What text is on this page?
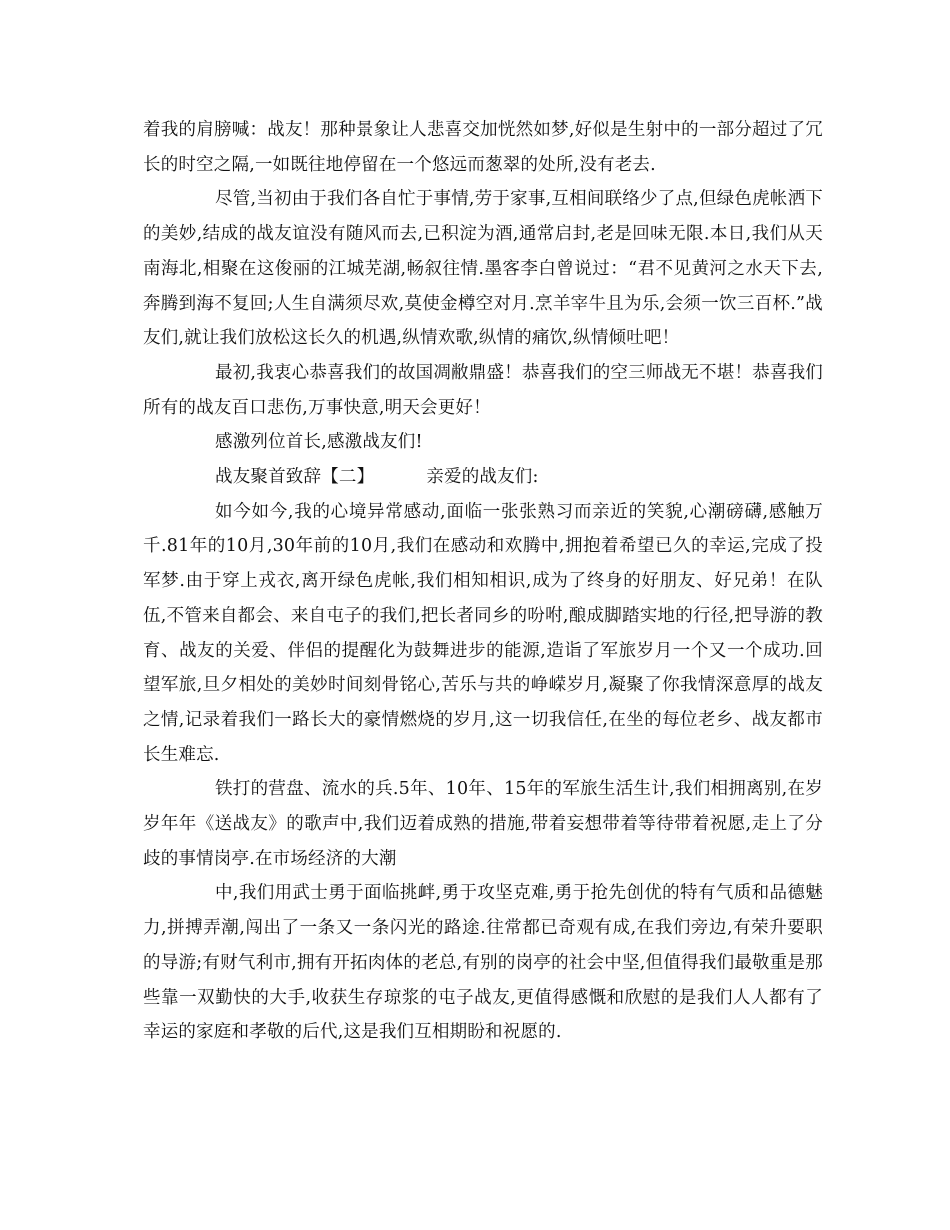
着我的肩膀喊：战友！那种景象让人悲喜交加恍然如梦,好似是生射中的一部分超过了冗长的时空之隔,一如既往地停留在一个悠远而葱翠的处所,没有老去.

尽管,当初由于我们各自忙于事情,劳于家事,互相间联络少了点,但绿色虎帐洒下的美妙,结成的战友谊没有随风而去,已积淀为酒,通常启封,老是回味无限.本日,我们从天南海北,相聚在这俊丽的江城芜湖,畅叙往情.墨客李白曾说过：“君不见黄河之水天下去,奔腾到海不复回;人生自满须尽欢,莫使金樽空对月.烹羊宰牛且为乐,会须一饮三百杯.”战友们,就让我们放松这长久的机遇,纵情欢歌,纵情的痛饮,纵情倾吐吧！

最初,我衷心恭喜我们的故国凋敝鼎盛！恭喜我们的空三师战无不堪！恭喜我们所有的战友百口悲伤,万事快意,明天会更好！

感激列位首长,感激战友们!

战友聚首致辞【二】	亲爱的战友们:

如今如今,我的心境异常感动,面临一张张熟习而亲近的笑貌,心潮磅礴,感触万千.81年的10月,30年前的10月,我们在感动和欢腾中,拥抱着希望已久的幸运,完成了投军梦.由于穿上戎衣,离开绿色虎帐,我们相知相识,成为了终身的好朋友、好兄弟！在队伍,不管来自都会、来自屯子的我们,把长者同乡的吩咐,酿成脚踏实地的行径,把导游的教育、战友的关爱、伴侣的提醒化为鼓舞进步的能源,造诣了军旅岁月一个又一个成功.回望军旅,旦夕相处的美妙时间刻骨铭心,苦乐与共的峥嵘岁月,凝聚了你我情深意厚的战友之情,记录着我们一路长大的豪情燃烧的岁月,这一切我信任,在坐的每位老乡、战友都市长生难忘.

铁打的营盘、流水的兵.5年、10年、15年的军旅生活生计,我们相拥离别,在岁岁年年《送战友》的歌声中,我们迈着成熟的措施,带着妄想带着等待带着祝愿,走上了分歧的事情岗亭.在市场经济的大潮

中,我们用武士勇于面临挑衅,勇于攻坚克难,勇于抢先创优的特有气质和品德魅力,拼搏弄潮,闯出了一条又一条闪光的路途.往常都已奇观有成,在我们旁边,有荣升要职的导游;有财气利市,拥有开拓肉体的老总,有别的岗亭的社会中坚,但值得我们最敬重是那些靠一双勤快的大手,收获生存琼浆的屯子战友,更值得感慨和欣慰的是我们人人都有了幸运的家庭和孝敬的后代,这是我们互相期盼和祝愿的.
